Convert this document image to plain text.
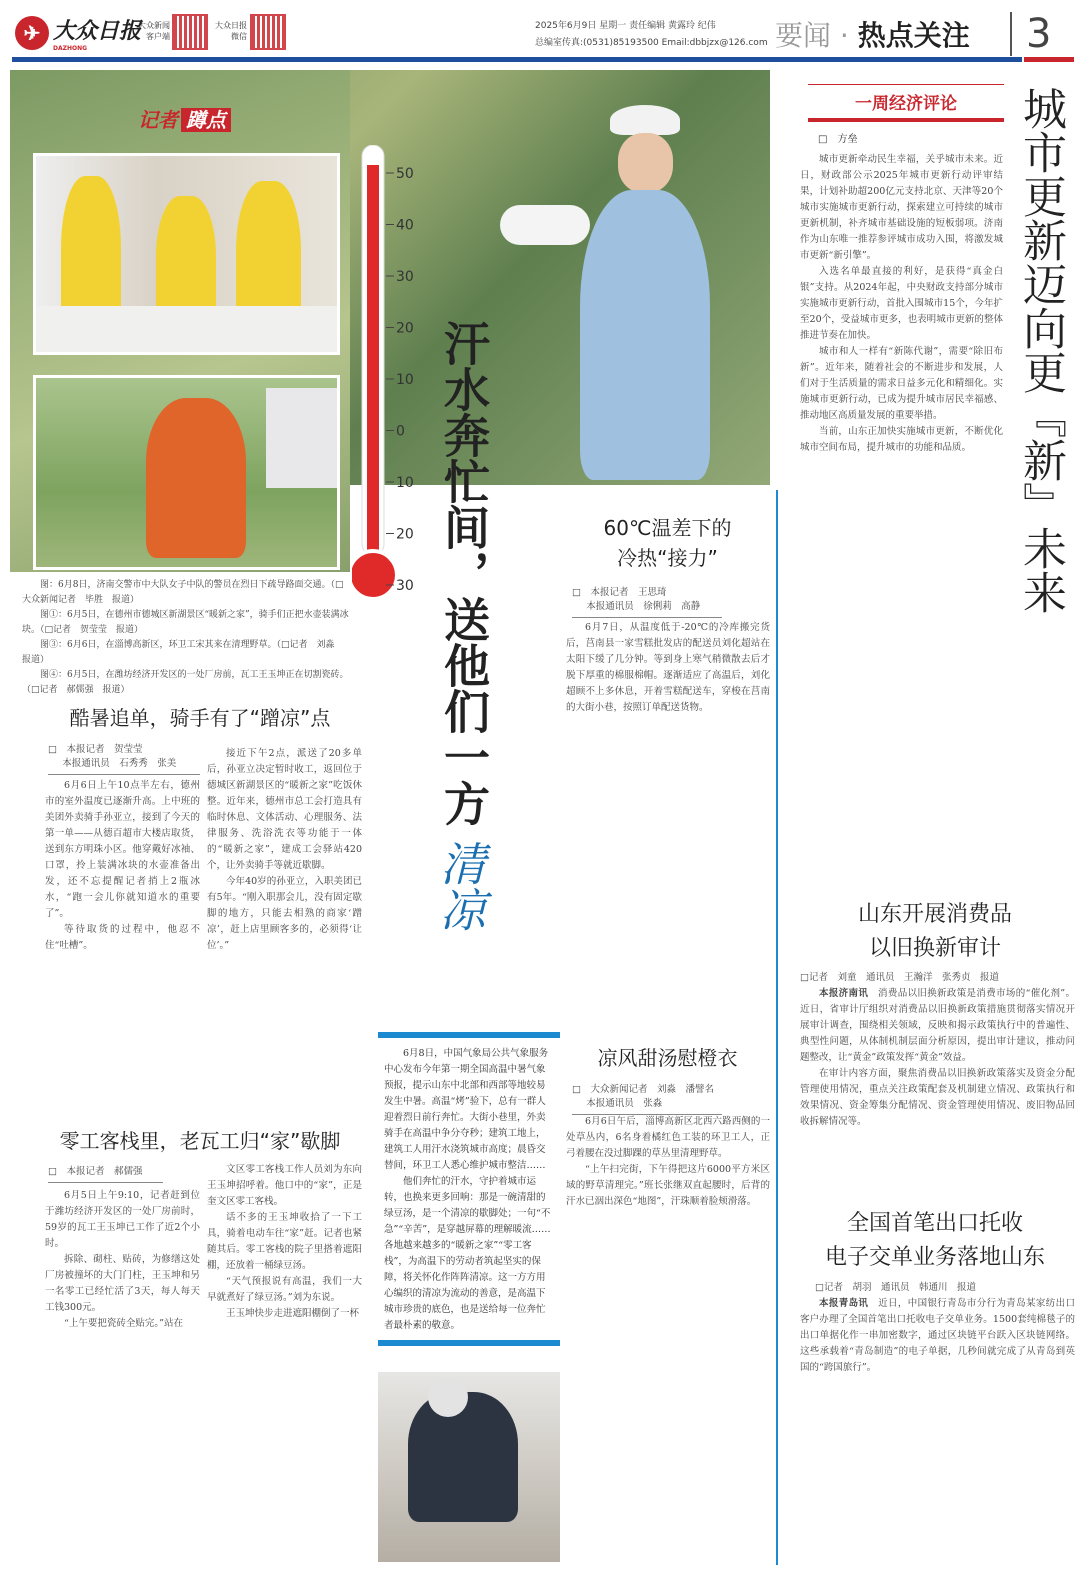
✈ 大众日报
DAZHONG
大众新闻
客户端
大众日报
微信
2025年6月9日 星期一 责任编辑 黄露玲 纪伟
总编室传真:(0531)85193500 Email:dbbjzx@126.com 要闻 · 热点关注	3
记者 蹲点
50
40
30
20
10
0
10
20
30 汗水奔忙间，送他们一方
清凉

图：6月8日，济南交警市中大队女子中队的警员在烈日下疏导路面交通。（□大众新闻记者　毕胜　报道）

图①：6月5日，在德州市德城区新湖景区“暖新之家”，骑手们正把水壶装满冰块。（□记者　贺莹莹　报道）

图③：6月6日，在淄博高新区，环卫工宋其来在清理野草。（□记者　刘淼　报道）

图④：6月5日，在潍坊经济开发区的一处厂房前，瓦工王玉坤正在切割瓷砖。（□记者　郝儒强　报道）

酷暑追单，骑手有了“蹭凉”点
□　本报记者　贺莹莹
本报通讯员　石秀秀　张美

6月6日上午10点半左右，德州市的室外温度已逐渐升高。上中班的美团外卖骑手孙亚立，接到了今天的第一单——从德百超市大楼店取货，送到东方明珠小区。他穿戴好冰袖、口罩，拎上装满冰块的水壶准备出发，还不忘提醒记者捎上2瓶冰水，“跑一会儿你就知道水的重要了”。

等待取货的过程中，他忍不住“吐槽”。

接近下午2点，派送了20多单后，孙亚立决定暂时收工，返回位于德城区新湖景区的“暖新之家”吃饭休整。近年来，德州市总工会打造具有临时休息、文体活动、心理服务、法律服务、洗浴洗衣等功能于一体的“暖新之家”，建成工会驿站420个，让外卖骑手等就近歇脚。

今年40岁的孙亚立，入职美团已有5年。“刚入职那会儿，没有固定歇脚的地方，只能去相熟的商家‘蹭凉’，赶上店里顾客多的，必须得‘让位’。”

零工客栈里，老瓦工归“家”歇脚
□　本报记者　郝儒强

6月5日上午9:10，记者赶到位于潍坊经济开发区的一处厂房前时，59岁的瓦工王玉坤已工作了近2个小时。

拆除、砌柱、贴砖，为修缮这处厂房被撞坏的大门门柱，王玉坤和另一名零工已经忙活了3天，每人每天工钱300元。

“上午要把瓷砖全贴完。”站在

文区零工客栈工作人员刘为东向王玉坤招呼着。他口中的“家”，正是奎文区零工客栈。

话不多的王玉坤收拾了一下工具，骑着电动车往“家”赶。记者也紧随其后。零工客栈的院子里搭着遮阳棚，还放着一桶绿豆汤。

“天气预报说有高温，我们一大早就煮好了绿豆汤。”刘为东说。

王玉坤快步走进遮阳棚倒了一杯

6月8日，中国气象局公共气象服务中心发布今年第一期全国高温中暑气象预报，提示山东中北部和西部等地较易发生中暑。高温“烤”验下，总有一群人迎着烈日前行奔忙。大街小巷里，外卖骑手在高温中争分夺秒；建筑工地上，建筑工人用汗水浇筑城市高度；晨昏交替间，环卫工人悉心维护城市整洁……

他们奔忙的汗水，守护着城市运转，也换来更多回响：那是一碗清甜的绿豆汤，是一个清凉的歇脚处；一句“不急”“辛苦”，是穿越屏幕的理解暖流……各地越来越多的“暖新之家”“零工客栈”，为高温下的劳动者筑起坚实的保障，将关怀化作阵阵清凉。这一方方用心编织的清凉为流动的善意，是高温下城市珍贵的底色，也是送给每一位奔忙者最朴素的敬意。

60℃温差下的
冷热“接力”
□　本报记者　王思琦
本报通讯员　徐俐莉　高静

6月7日，从温度低于-20℃的冷库搬完货后，莒南县一家雪糕批发店的配送员刘化超站在太阳下缓了几分钟。等到身上寒气稍微散去后才脱下厚重的棉服棉帽。逐渐适应了高温后，刘化超顾不上多休息，开着雪糕配送车，穿梭在莒南的大街小巷，按照订单配送货物。

凉风甜汤慰橙衣
□　大众新闻记者　刘淼　潘譬名
本报通讯员　张淼

6月6日午后，淄博高新区北西六路西侧的一处草丛内，6名身着橘红色工装的环卫工人，正弓着腰在没过脚踝的草丛里清理野草。

“上午扫完街，下午得把这片6000平方米区域的野草清理完。”班长张继双直起腰时，后背的汗水已洇出深色“地图”，汗珠顺着脸颊滑落。

一周经济评论
□　方垒	城市更新迈向更『新』未来

城市更新牵动民生幸福，关乎城市未来。近日，财政部公示2025年城市更新行动评审结果，计划补助超200亿元支持北京、天津等20个城市实施城市更新行动，探索建立可持续的城市更新机制，补齐城市基础设施的短板弱项。济南作为山东唯一推荐参评城市成功入围，将激发城市更新“新引擎”。

入选名单最直接的利好，是获得“真金白银”支持。从2024年起，中央财政支持部分城市实施城市更新行动，首批入围城市15个，今年扩至20个，受益城市更多，也表明城市更新的整体推进节奏在加快。

城市和人一样有“新陈代谢”，需要“除旧布新”。近年来，随着社会的不断进步和发展，人们对于生活质量的需求日益多元化和精细化。实施城市更新行动，已成为提升城市居民幸福感、推动地区高质量发展的重要举措。

当前，山东正加快实施城市更新，不断优化城市空间布局，提升城市的功能和品质。

山东开展消费品
以旧换新审计
□记者　刘童　通讯员　王瀚洋　张秀贞　报道

本报济南讯　 消费品以旧换新政策是消费市场的“催化剂”。近日，省审计厅组织对消费品以旧换新政策措施贯彻落实情况开展审计调查，围绕相关领域，反映和揭示政策执行中的普遍性、典型性问题，从体制机制层面分析原因，提出审计建议，推动问题整改，让“黄金”政策发挥“黄金”效益。

在审计内容方面，聚焦消费品以旧换新政策落实及资金分配管理使用情况，重点关注政策配套及机制建立情况、政策执行和效果情况、资金筹集分配情况、资金管理使用情况、废旧物品回收拆解情况等。

全国首笔出口托收
电子交单业务落地山东
□记者　胡羽　通讯员　韩通川　报道

本报青岛讯　 近日，中国银行青岛市分行为青岛某家纺出口客户办理了全国首笔出口托收电子交单业务。1500套纯棉毯子的出口单据化作一串加密数字，通过区块链平台跃入区块链网络。这些承载着“青岛制造”的电子单据，几秒间就完成了从青岛到英国的“跨国旅行”。
